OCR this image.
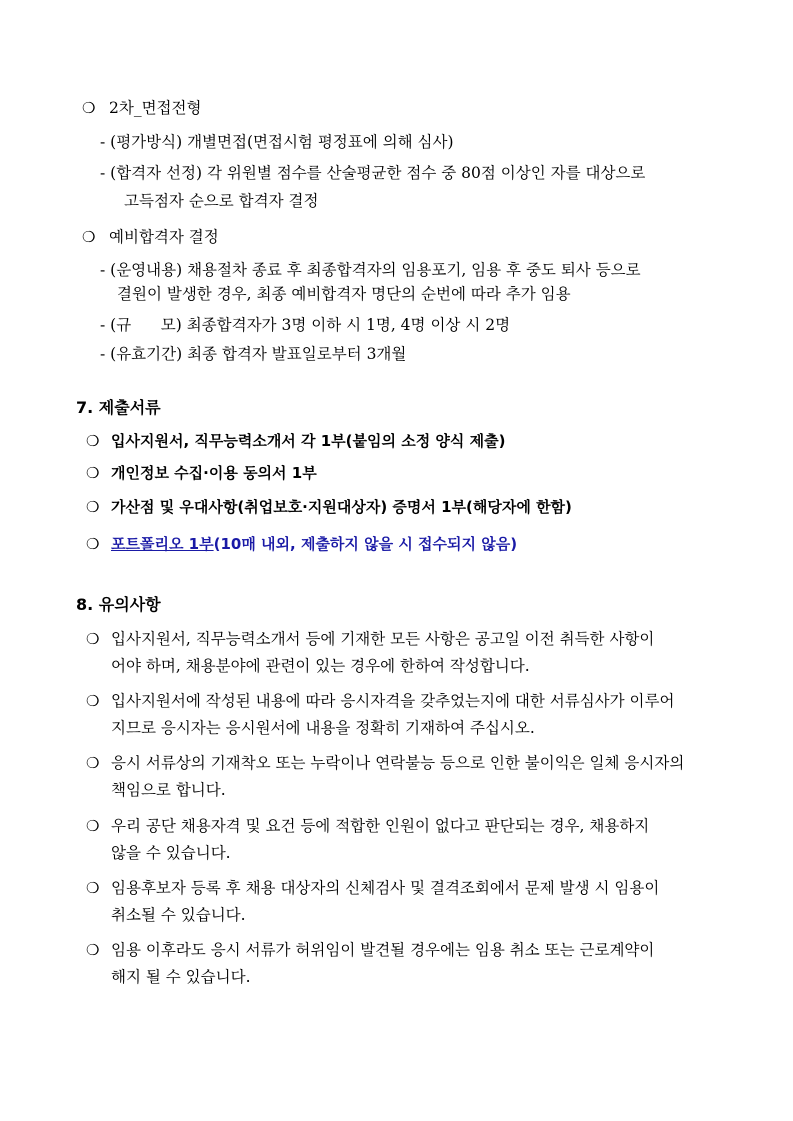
❍ 2차_면접전형
- (평가방식) 개별면접(면접시험 평정표에 의해 심사)
- (합격자 선정) 각 위원별 점수를 산술평균한 점수 중 80점 이상인 자를 대상으로
고득점자 순으로 합격자 결정
❍ 예비합격자 결정
- (운영내용) 채용절차 종료 후 최종합격자의 임용포기, 임용 후 중도 퇴사 등으로
결원이 발생한 경우, 최종 예비합격자 명단의 순번에 따라 추가 임용
- (규      모) 최종합격자가 3명 이하 시 1명, 4명 이상 시 2명
- (유효기간) 최종 합격자 발표일로부터 3개월
7. 제출서류
❍ 입사지원서, 직무능력소개서 각 1부(붙임의 소정 양식 제출)
❍ 개인정보 수집·이용 동의서 1부
❍ 가산점 및 우대사항(취업보호·지원대상자) 증명서 1부(해당자에 한함)
❍ 포트폴리오 1부(10매 내외, 제출하지 않을 시 접수되지 않음)
8. 유의사항
❍ 입사지원서, 직무능력소개서 등에 기재한 모든 사항은 공고일 이전 취득한 사항이
어야 하며, 채용분야에 관련이 있는 경우에 한하여 작성합니다.
❍ 입사지원서에 작성된 내용에 따라 응시자격을 갖추었는지에 대한 서류심사가 이루어
지므로 응시자는 응시원서에 내용을 정확히 기재하여 주십시오.
❍ 응시 서류상의 기재착오 또는 누락이나 연락불능 등으로 인한 불이익은 일체 응시자의
책임으로 합니다.
❍ 우리 공단 채용자격 및 요건 등에 적합한 인원이 없다고 판단되는 경우, 채용하지
않을 수 있습니다.
❍ 임용후보자 등록 후 채용 대상자의 신체검사 및 결격조회에서 문제 발생 시 임용이
취소될 수 있습니다.
❍ 임용 이후라도 응시 서류가 허위임이 발견될 경우에는 임용 취소 또는 근로계약이
해지 될 수 있습니다.
